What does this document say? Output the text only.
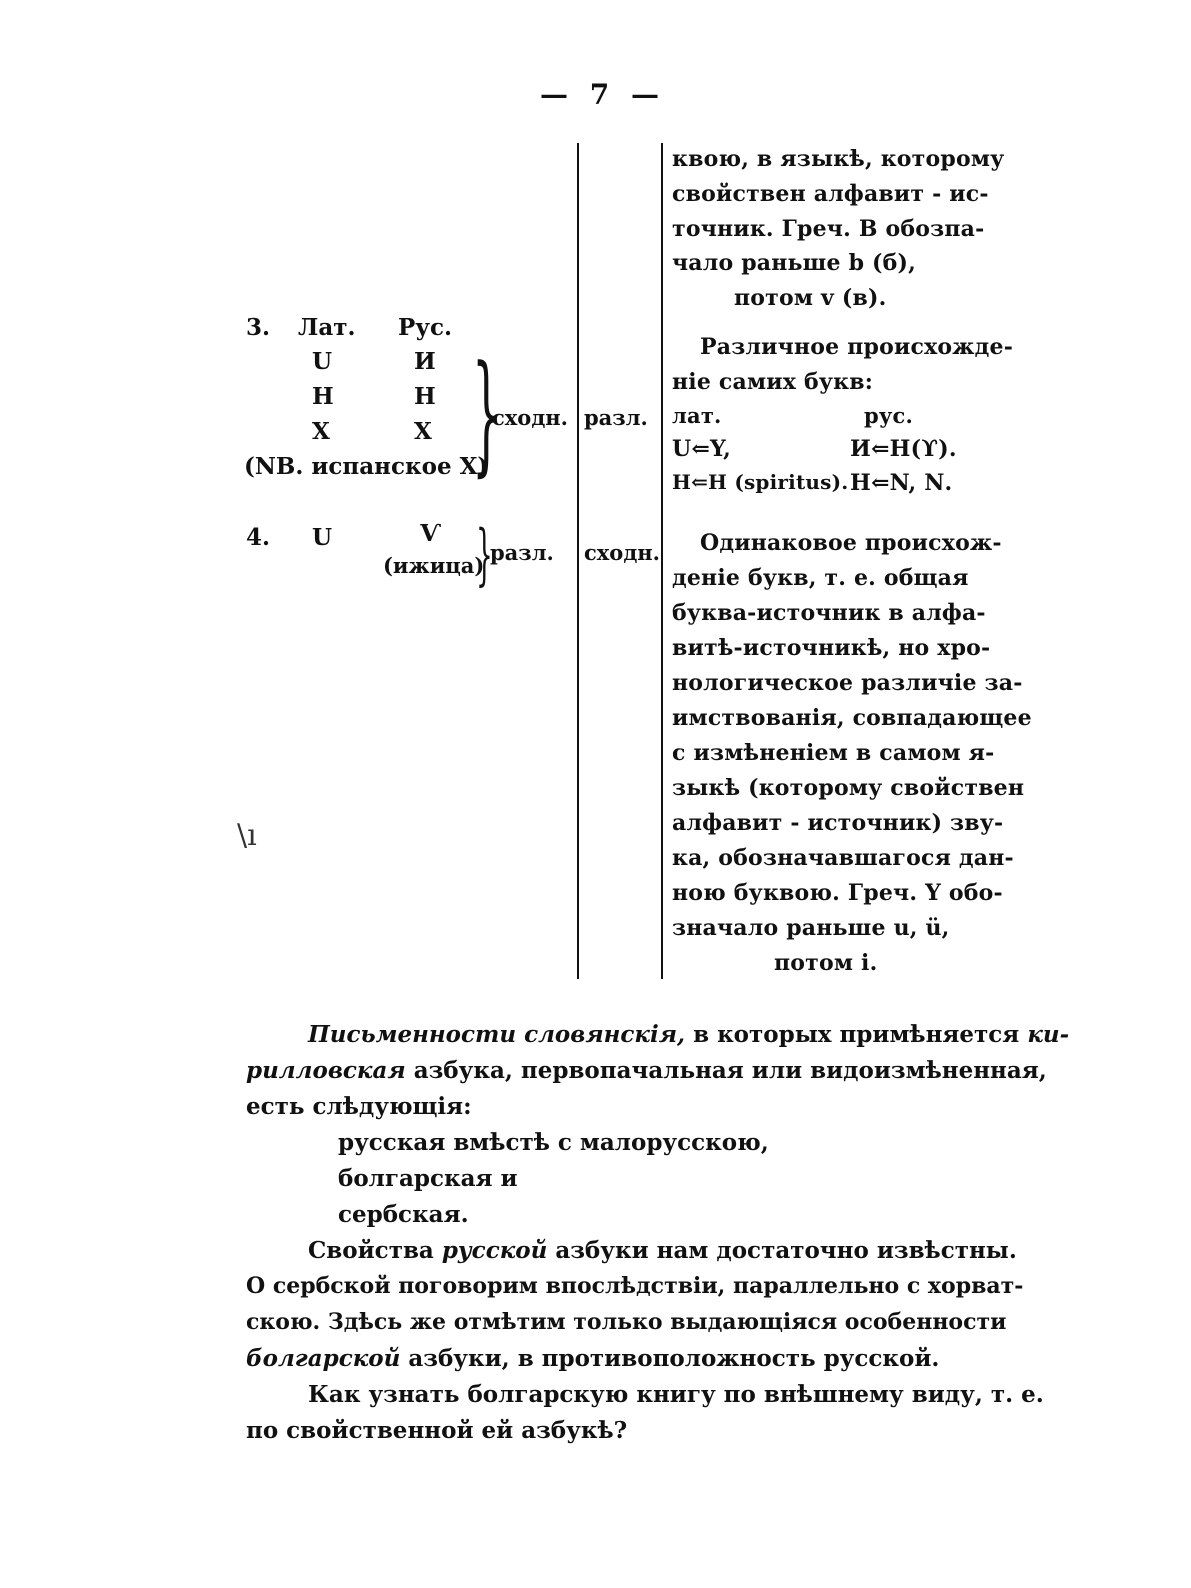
— 7 —
\ı
3. Лат. Рус.
U	И
H	Н
X	Х
(NB. испанское X)
}
сходн. разл.
4. U	Ѵ
(ижица)
}
разл. сходн.
квою, в языкѣ, которому
свойствен алфавит - ис-
точник. Греч. В обозпа-
чало раньше b (б),
потом v (в).
Различное происхожде-
ніе самих букв:
лат.	рус.
U⇐Y,	И⇐H(ϒ).
H⇐H (spiritus). H⇐N, Ν.
Одинаковое происхож-
деніе букв, т. е. общая
буква-источник в алфа-
витѣ-источникѣ, но хро-
нологическое различіе за-
имствованія, совпадающее
с измѣненіем в самом я-
зыкѣ (которому свойствен
алфавит - источник) зву-
ка, обозначавшагося дан-
ною буквою. Греч. Υ обо-
значало раньше u, ü,
потом i.
Письменности словянскія, в которых примѣняется ки-
рилловская азбука, первопачальная или видоизмѣненная,
есть слѣдующія:
русская вмѣстѣ с малорусскою,
болгарская и
сербская.
Свойства русской азбуки нам достаточно извѣстны.
О сербской поговорим впослѣдствіи, параллельно с хорват-
скою. Здѣсь же отмѣтим только выдающіяся особенности
болгарской азбуки, в противоположность русской.
Как узнать болгарскую книгу по внѣшнему виду, т. е.
по свойственной ей азбукѣ?
